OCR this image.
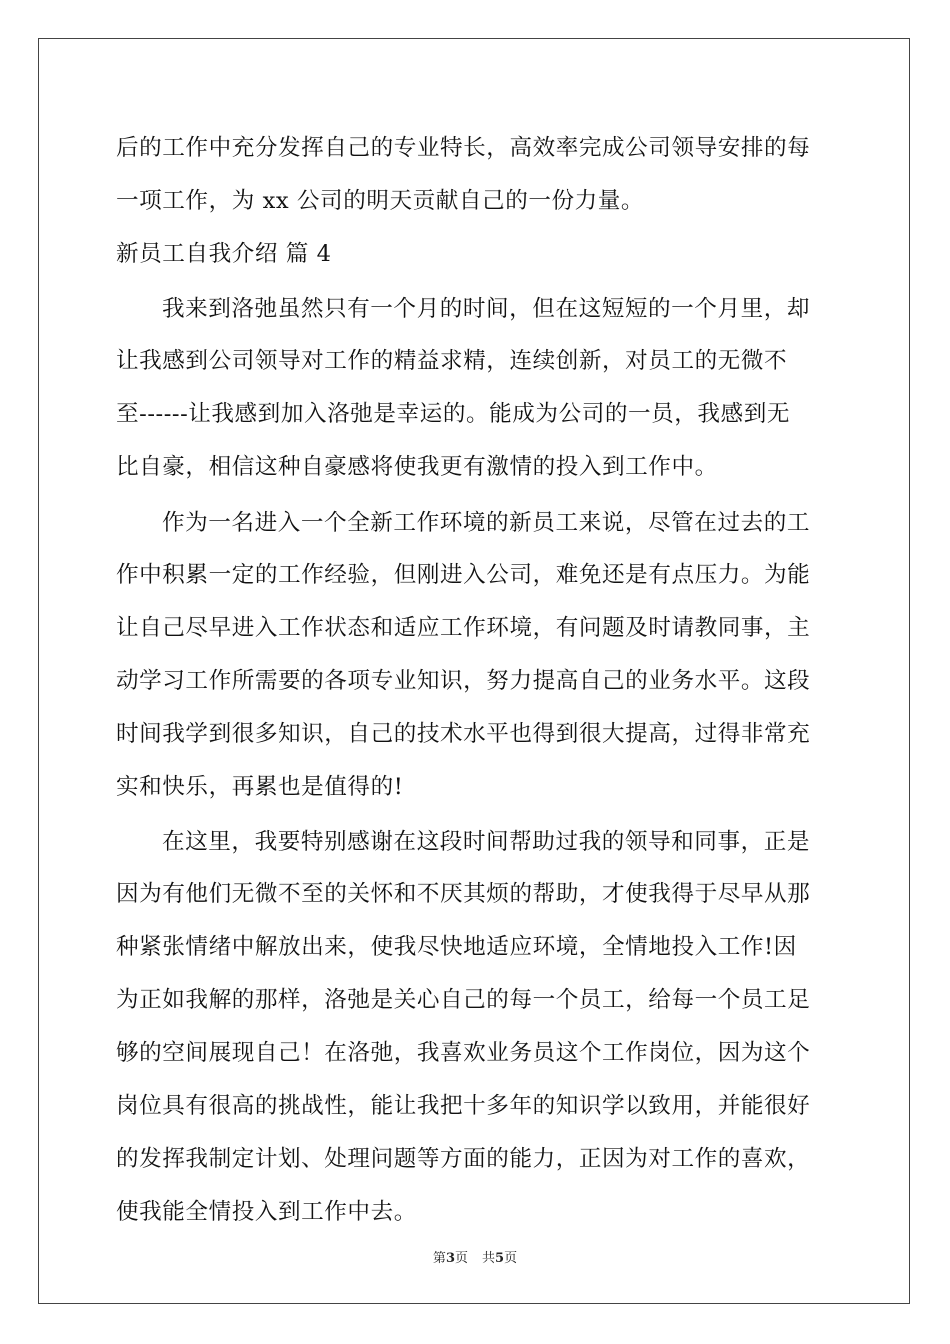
后的工作中充分发挥自己的专业特长，高效率完成公司领导安排的每
一项工作，为 xx 公司的明天贡献自己的一份力量。
新员工自我介绍 篇 4
我来到洛弛虽然只有一个月的时间，但在这短短的一个月里，却
让我感到公司领导对工作的精益求精，连续创新，对员工的无微不
至------让我感到加入洛弛是幸运的。能成为公司的一员，我感到无
比自豪，相信这种自豪感将使我更有激情的投入到工作中。
作为一名进入一个全新工作环境的新员工来说，尽管在过去的工
作中积累一定的工作经验，但刚进入公司，难免还是有点压力。为能
让自己尽早进入工作状态和适应工作环境，有问题及时请教同事，主
动学习工作所需要的各项专业知识，努力提高自己的业务水平。这段
时间我学到很多知识，自己的技术水平也得到很大提高，过得非常充
实和快乐，再累也是值得的!
在这里，我要特别感谢在这段时间帮助过我的领导和同事，正是
因为有他们无微不至的关怀和不厌其烦的帮助，才使我得于尽早从那
种紧张情绪中解放出来，使我尽快地适应环境，全情地投入工作!因
为正如我解的那样，洛弛是关心自己的每一个员工，给每一个员工足
够的空间展现自己！在洛弛，我喜欢业务员这个工作岗位，因为这个
岗位具有很高的挑战性，能让我把十多年的知识学以致用，并能很好
的发挥我制定计划、处理问题等方面的能力，正因为对工作的喜欢，
使我能全情投入到工作中去。
第3页 共5页
